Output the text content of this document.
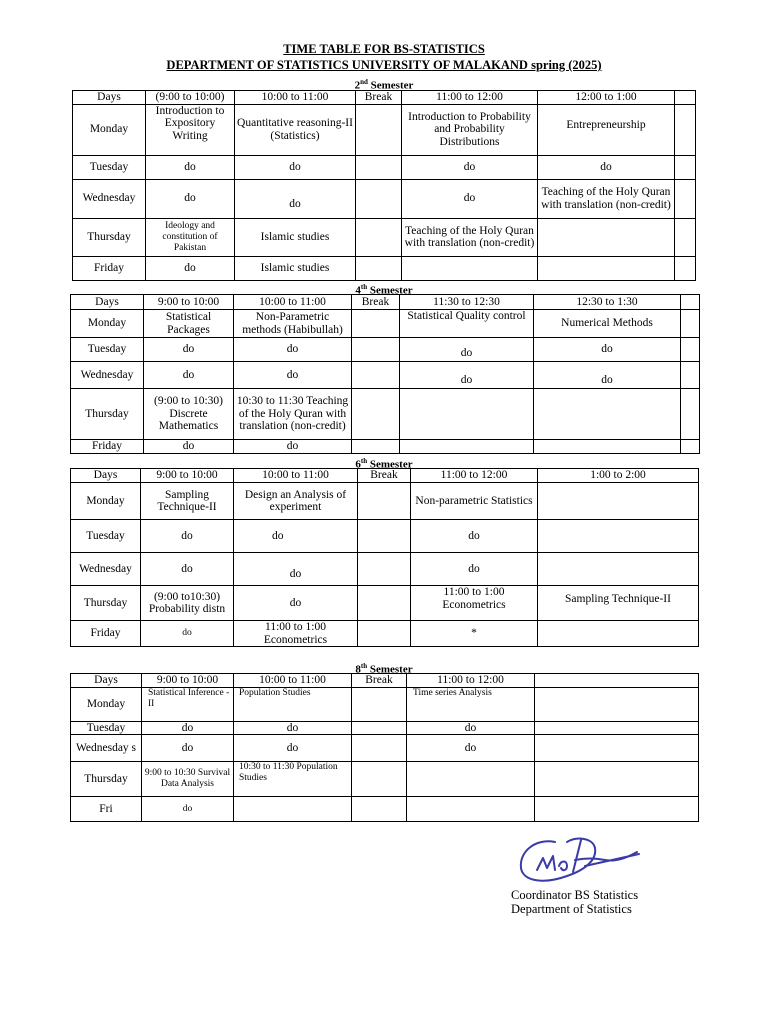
TIME TABLE FOR BS-STATISTICS
DEPARTMENT OF STATISTICS UNIVERSITY OF MALAKAND spring (2025)
2nd Semester
Days	(9:00 to 10:00)	10:00 to 11:00	Break	11:00 to 12:00	12:00 to 1:00	
Monday	Introduction to Expository Writing	Quantitative reasoning-II (Statistics)		Introduction to Probability and Probability Distributions	Entrepreneurship	
Tuesday	do	do		do	do	
Wednesday	do	do		do	Teaching of the Holy Quran with translation (non-credit)	
Thursday	Ideology and constitution of Pakistan	Islamic studies		Teaching of the Holy Quran with translation (non-credit)		
Friday	do	Islamic studies				
4th Semester
Days	9:00 to 10:00	10:00 to 11:00	Break	11:30 to 12:30	12:30 to 1:30	
Monday	Statistical Packages	Non-Parametric methods (Habibullah)		Statistical Quality control	Numerical Methods	
Tuesday	do	do		do	do	
Wednesday	do	do		do	do	
Thursday	(9:00 to 10:30) Discrete Mathematics	10:30 to 11:30 Teaching of the Holy Quran with translation (non-credit)				
Friday	do	do				
6th Semester
Days	9:00 to 10:00	10:00 to 11:00	Break	11:00 to 12:00	1:00 to 2:00
Monday	Sampling Technique-II	Design an Analysis of experiment		Non-parametric Statistics	
Tuesday	do	do		do	
Wednesday	do	do		do	
Thursday	(9:00 to10:30) Probability distn	do		11:00 to 1:00 Econometrics	Sampling Technique-II
Friday	do	11:00 to 1:00 Econometrics		*	
8th Semester
Days	9:00 to 10:00	10:00 to 11:00	Break	11:00 to 12:00	
Monday	Statistical Inference - II	Population Studies		Time series Analysis	
Tuesday	do	do		do	
Wednesday s	do	do		do	
Thursday	9:00 to 10:30 Survival Data Analysis	10:30 to 11:30 Population Studies			
Fri	do				
Coordinator BS Statistics
Department of Statistics
